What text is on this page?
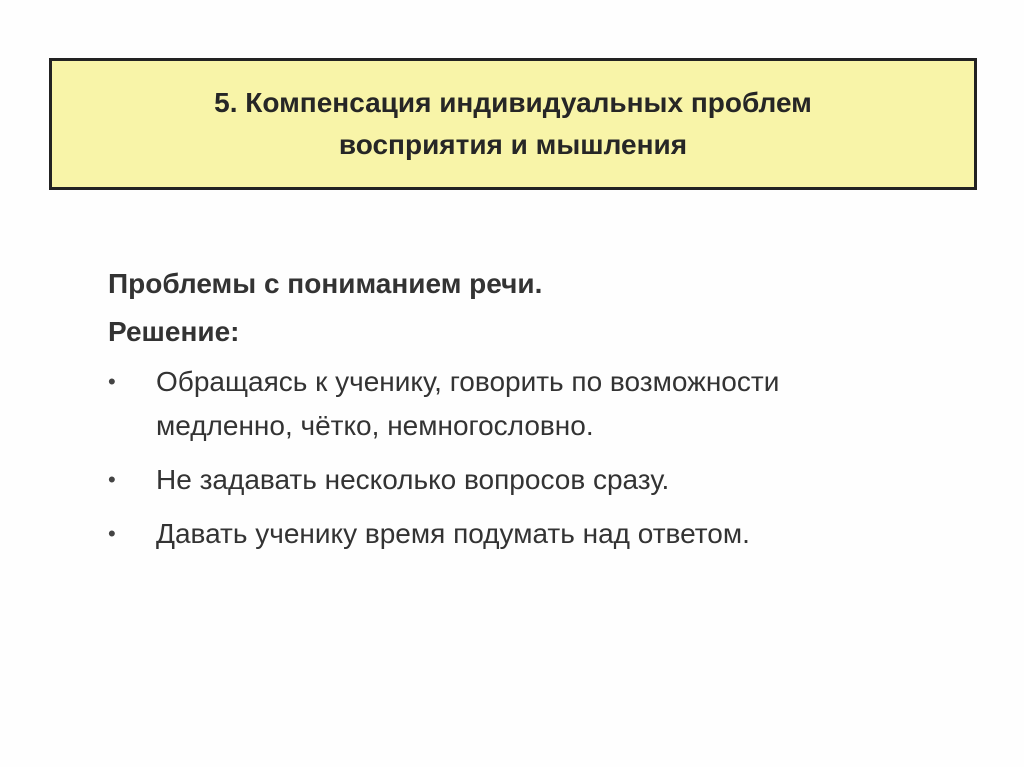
5. Компенсация индивидуальных проблем
восприятия и мышления

Проблемы с пониманием речи.

Решение:

•	Обращаясь к ученику, говорить по возможности
медленно, чётко, немногословно.
•	Не задавать несколько вопросов сразу.
•	Давать ученику время подумать над ответом.
